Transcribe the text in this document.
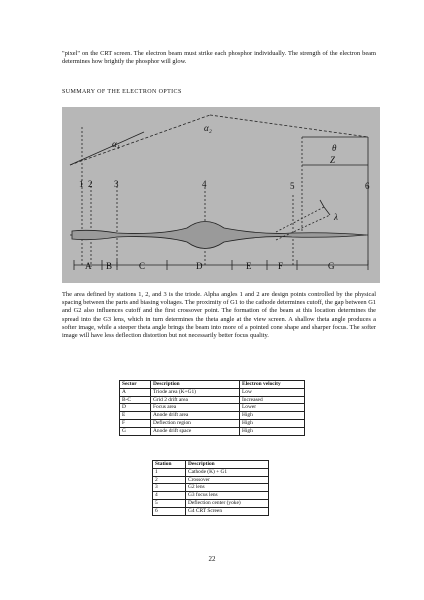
"pixel" on the CRT screen. The electron beam must strike each phosphor individually. The strength of the electron beam determines how brightly the phosphor will glow.

SUMMARY OF THE ELECTRON OPTICS

1 2 3	4	5	6
α₁
α₂
θ
λ
Z
A B	C	D	E	F	G

The area defined by stations 1, 2, and 3 is the triode. Alpha angles 1 and 2 are design points controlled by the physical spacing between the parts and biasing voltages. The proximity of G1 to the cathode determines cutoff, the gap between G1 and G2 also influences cutoff and the first crossover point. The formation of the beam at this location determines the spread into the G3 lens, which in turn determines the theta angle at the view screen. A shallow theta angle produces a softer image, while a steeper theta angle brings the beam into more of a pointed cone shape and sharper focus. The softer image will have less deflection distortion but not necessarily better focus quality.

Sector	Description	Electron velocity
A	Triode area (K+G1)	Low
B-C	Grid 2 drift area	Increased
D	Focus area	Lower
E	Anode drift area	High
F	Deflection region	High
G	Anode drift space	High
Station	Description
1	Cathode (K) + G1
2	Crossover
3	G2 lens
4	G3 focus lens
5	Deflection center (yoke)
6	G4 CRT Screen

22
